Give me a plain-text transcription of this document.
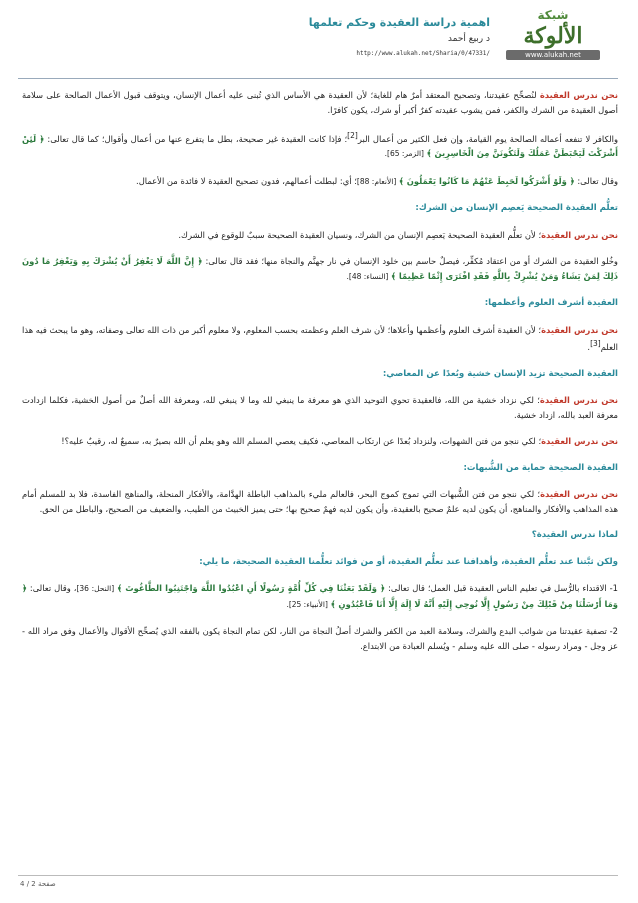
شبكة
الألوكة
www.alukah.net
اهمية دراسة العقيدة وحكم تعلمها
د ربيع أحمد
http://www.alukah.net/Sharia/0/47331/

نحن ندرس العقيدة لنُصحِّح عقيدتنا، وتصحيح المعتقد أمرٌ هام للغاية؛ لأن العقيدة هي الأساس الذي تُبنى عليه أعمال الإنسان، ويتوقف قبول الأعمال الصالحة على سلامة أصول العقيدة من الشرك والكفر، فمن يشوب عقيدته كفرٌ أكبر أو شرك، يكون كافرًا.

والكافر لا تنفعه أعماله الصالحة يوم القيامة، وإن فعل الكثير من أعمال البر[2]؛ فإذا كانت العقيدة غير صحيحة، بطل ما يتفرع عنها من أعمال وأقوال؛ كما قال تعالى: ﴿ لَئِنْ أَشْرَكْتَ لَيَحْبَطَنَّ عَمَلُكَ وَلَتَكُونَنَّ مِنَ الْخَاسِرِينَ ﴾ [الزمر: 65].

وقال تعالى: ﴿ وَلَوْ أَشْرَكُوا لَحَبِطَ عَنْهُمْ مَا كَانُوا يَعْمَلُونَ ﴾ [الأنعام: 88]؛ أي: لبطلت أعمالهم، فدون تصحيح العقيدة لا فائدة من الأعمال.

تعلُّم العقيدة الصحيحة يَعصِم الإنسان من الشرك:

نحن ندرس العقيدة؛ لأن تعلُّم العقيدة الصحيحة يَعصِم الإنسان من الشرك، ونسيان العقيدة الصحيحة سببٌ للوقوع في الشرك.

وخُلو العقيدة من الشرك أو من اعتقاد مُكفِّر، فيصلٌ حاسم بين خلود الإنسان في نار جهنَّم والنجاة منها؛ فقد قال تعالى: ﴿ إِنَّ اللَّهَ لَا يَغْفِرُ أَنْ يُشْرَكَ بِهِ وَيَغْفِرُ مَا دُونَ ذَلِكَ لِمَنْ يَشَاءُ وَمَنْ يُشْرِكْ بِاللَّهِ فَقَدِ افْتَرَى إِثْمًا عَظِيمًا ﴾ [النساء: 48].

العقيدة أشرف العلوم وأعظمها:

نحن ندرس العقيدة؛ لأن العقيدة أشرف العلوم وأعظمها وأعلاها؛ لأن شرف العلم وعظمته بحسب المعلوم، ولا معلوم أكبر من ذات الله تعالى وصفاته، وهو ما يبحث فيه هذا العلم[3].

العقيدة الصحيحة تزيد الإنسان خشية وبُعدًا عن المعاصي:

نحن ندرس العقيدة؛ لكي نزداد خشية من الله، فالعقيدة تحوي التوحيد الذي هو معرفة ما ينبغي لله وما لا ينبغي لله، ومعرفة الله أصلٌ من أصول الخشية، فكلما ازدادت معرفة العبد بالله، ازداد خشية.

نحن ندرس العقيدة؛ لكي ننجو من فتن الشهوات، ولنزداد بُعدًا عن ارتكاب المعاصي، فكيف يعصي المسلم الله وهو يعلم أن الله بصيرٌ به، سميعٌ له، رقيبٌ عليه؟!

العقيدة الصحيحة حماية من الشُّبهات:

نحن ندرس العقيدة؛ لكي ننجو من فتن الشُّبهات التي تموج كموج البحر، فالعالم مليء بالمذاهب الباطلة الهدَّامة، والأفكار المنحلة، والمناهج الفاسدة، فلا بد للمسلم أمام هذه المذاهب والأفكار والمناهج، أن يكون لديه علمٌ صحيح بالعقيدة، وأن يكون لديه فهمٌ صحيح بها؛ حتى يميز الخبيث من الطيب، والضعيف من الصحيح، والباطل من الحق.

لماذا ندرس العقيدة؟
ولكن ثبَّتنا عند تعلُّم العقيدة، وأهدافنا عند تعلُّم العقيدة، أو من فوائد تعلُّمنا العقيدة الصحيحة، ما يلي:

1- الاقتداء بالرُّسل في تعليم الناس العقيدة قبل العمل؛ قال تعالى: ﴿ وَلَقَدْ بَعَثْنَا فِي كُلِّ أُمَّةٍ رَسُولًا أَنِ اعْبُدُوا اللَّهَ وَاجْتَنِبُوا الطَّاغُوتَ ﴾ [النحل: 36]، وقال تعالى: ﴿ وَمَا أَرْسَلْنَا مِنْ قَبْلِكَ مِنْ رَسُولٍ إِلَّا نُوحِي إِلَيْهِ أَنَّهُ لَا إِلَهَ إِلَّا أَنَا فَاعْبُدُونِ ﴾ [الأنبياء: 25].

2- تصفية عقيدتنا من شوائب البدع والشرك، وسلامة العبد من الكفر والشرك أصلُ النجاة من النار، لكن تمام النجاة يكون بالفقه الذي يُصحِّح الأقوال والأعمال وفق مراد الله - عز وجل - ومراد رسوله - صلى الله عليه وسلم - ويُسلم العبادة من الابتداع.

صفحة 2 / 4
